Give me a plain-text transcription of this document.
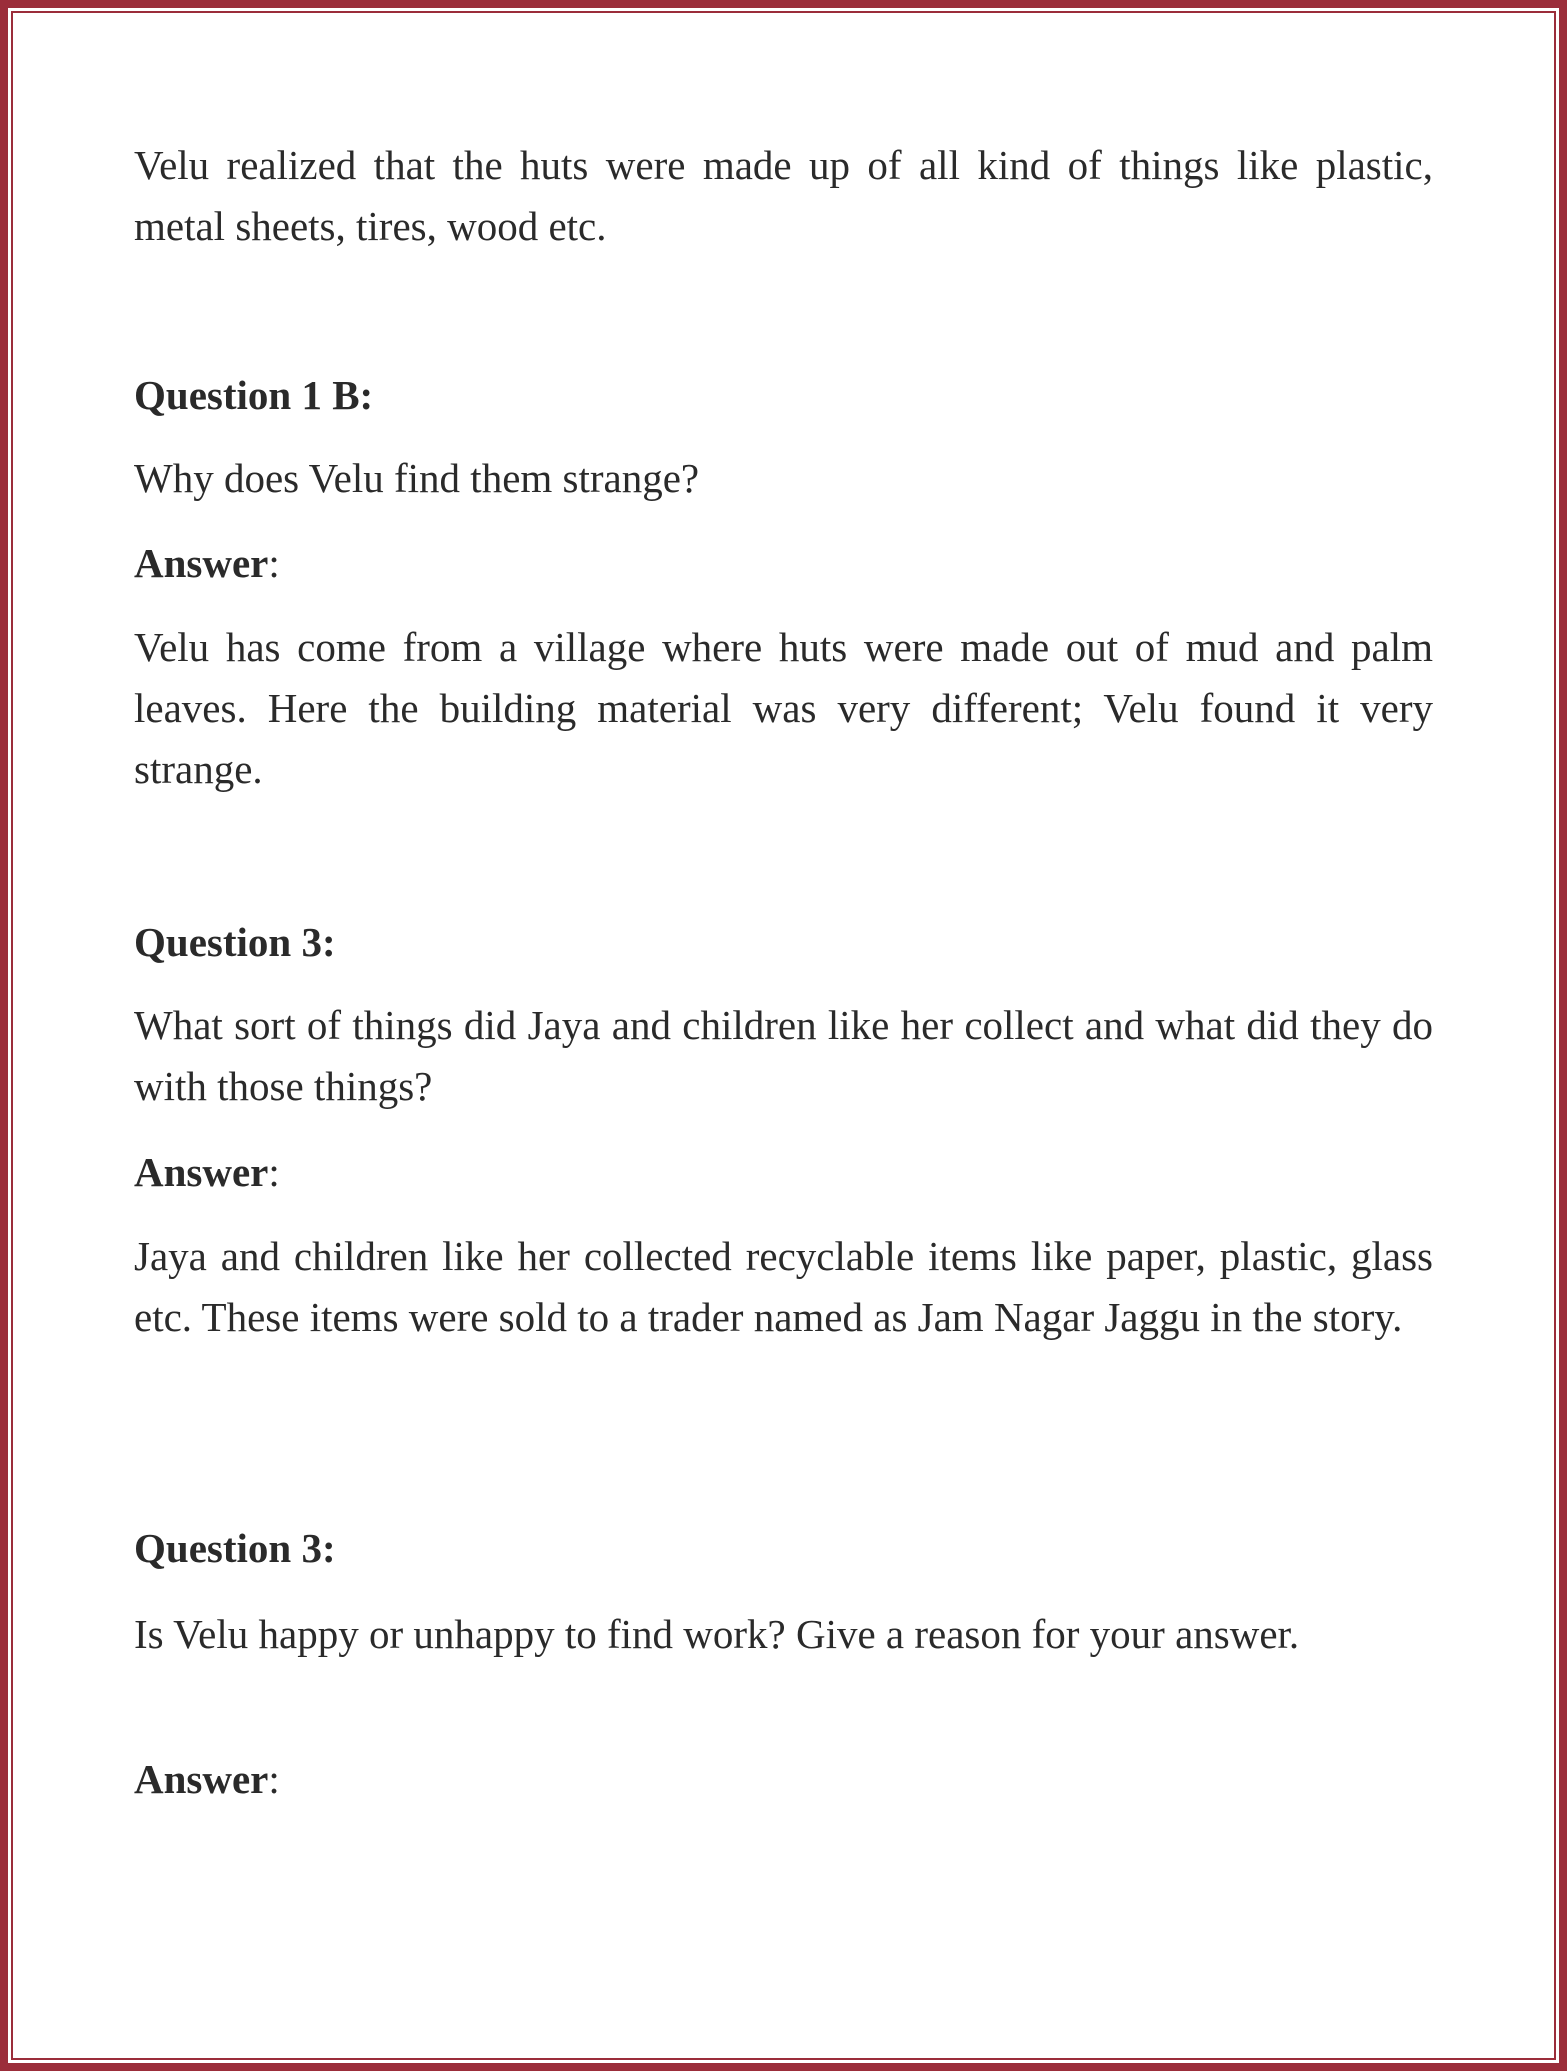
Velu realized that the huts were made up of all kind of things like plastic, metal sheets, tires, wood etc.
Question 1 B:
Why does Velu find them strange?
Answer:
Velu has come from a village where huts were made out of mud and palm leaves. Here the building material was very different; Velu found it very strange.
Question 3:
What sort of things did Jaya and children like her collect and what did they do with those things?
Answer:
Jaya and children like her collected recyclable items like paper, plastic, glass etc. These items were sold to a trader named as Jam Nagar Jaggu in the story.
Question 3:
Is Velu happy or unhappy to find work? Give a reason for your answer.
Answer:
